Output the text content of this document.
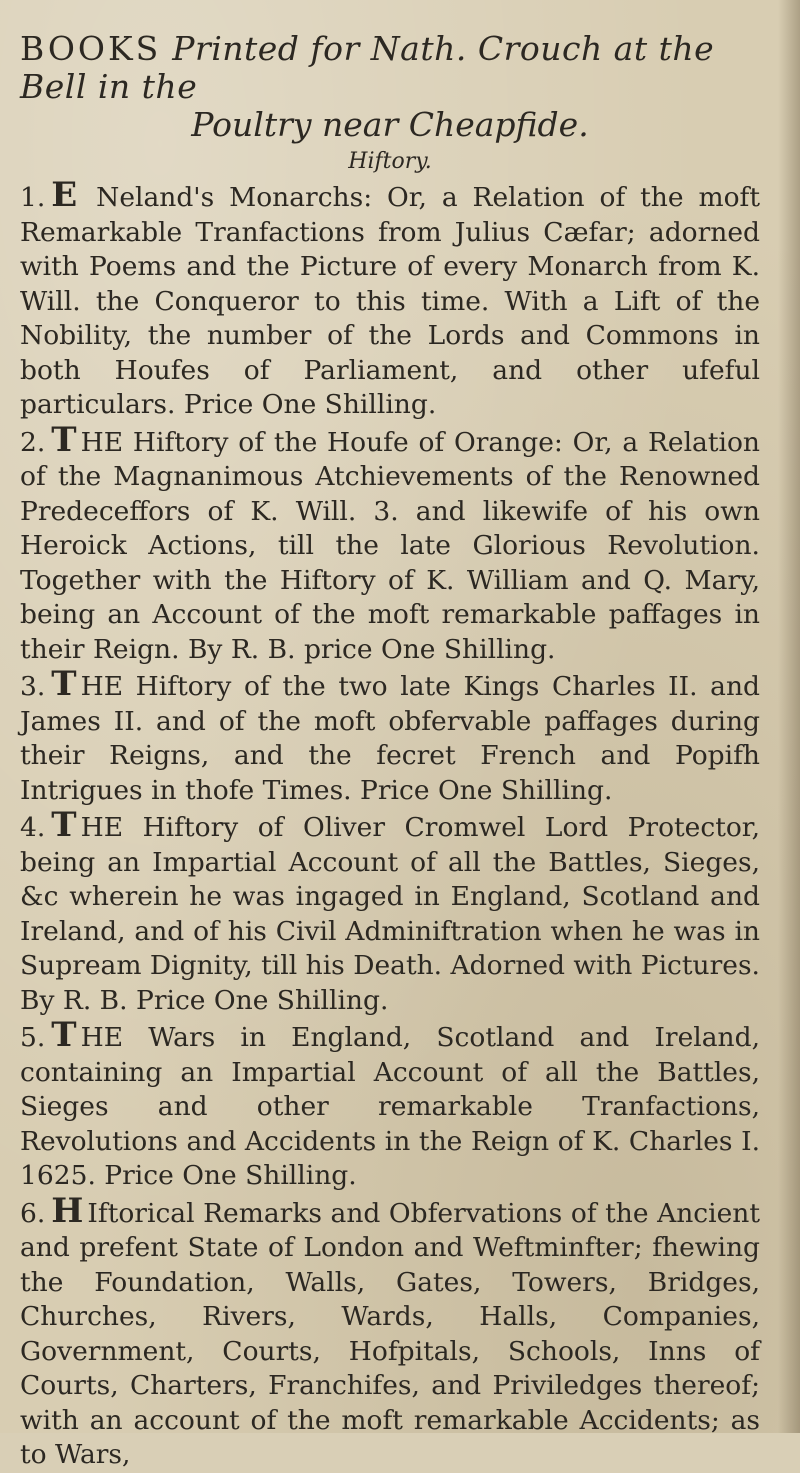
BOOKS Printed for Nath. Crouch at the Bell in the

Poultry near Cheapfide.

Hiftory.

1. E Neland's Monarchs: Or, a Relation of the moft Remarkable Tranfactions from Julius Cæfar; adorned with Poems and the Picture of every Monarch from K. Will. the Conqueror to this time. With a Lift of the Nobility, the number of the Lords and Commons in both Houfes of Parliament, and other ufeful particulars. Price One Shilling.

2. T HE Hiftory of the Houfe of Orange: Or, a Relation of the Magnanimous Atchievements of the Renowned Predeceffors of K. Will. 3. and likewife of his own Heroick Actions, till the late Glorious Revolution. Together with the Hiftory of K. William and Q. Mary, being an Account of the moft remarkable paffages in their Reign. By R. B. price One Shilling.

3. T HE Hiftory of the two late Kings Charles II. and James II. and of the moft obfervable paffages during their Reigns, and the fecret French and Popifh Intrigues in thofe Times. Price One Shilling.

4. T HE Hiftory of Oliver Cromwel Lord Protector, being an Impartial Account of all the Battles, Sieges, &c wherein he was ingaged in England, Scotland and Ireland, and of his Civil Adminiftration when he was in Supream Dignity, till his Death. Adorned with Pictures. By R. B. Price One Shilling.

5. T HE Wars in England, Scotland and Ireland, containing an Impartial Account of all the Battles, Sieges and other remarkable Tranfactions, Revolutions and Accidents in the Reign of K. Charles I. 1625. Price One Shilling.

6. H Iftorical Remarks and Obfervations of the Ancient and prefent State of London and Weftminfter; fhewing the Foundation, Walls, Gates, Towers, Bridges, Churches, Rivers, Wards, Halls, Companies, Government, Courts, Hofpitals, Schools, Inns of Courts, Charters, Franchifes, and Priviledges thereof; with an account of the moft remarkable Accidents; as to Wars,
